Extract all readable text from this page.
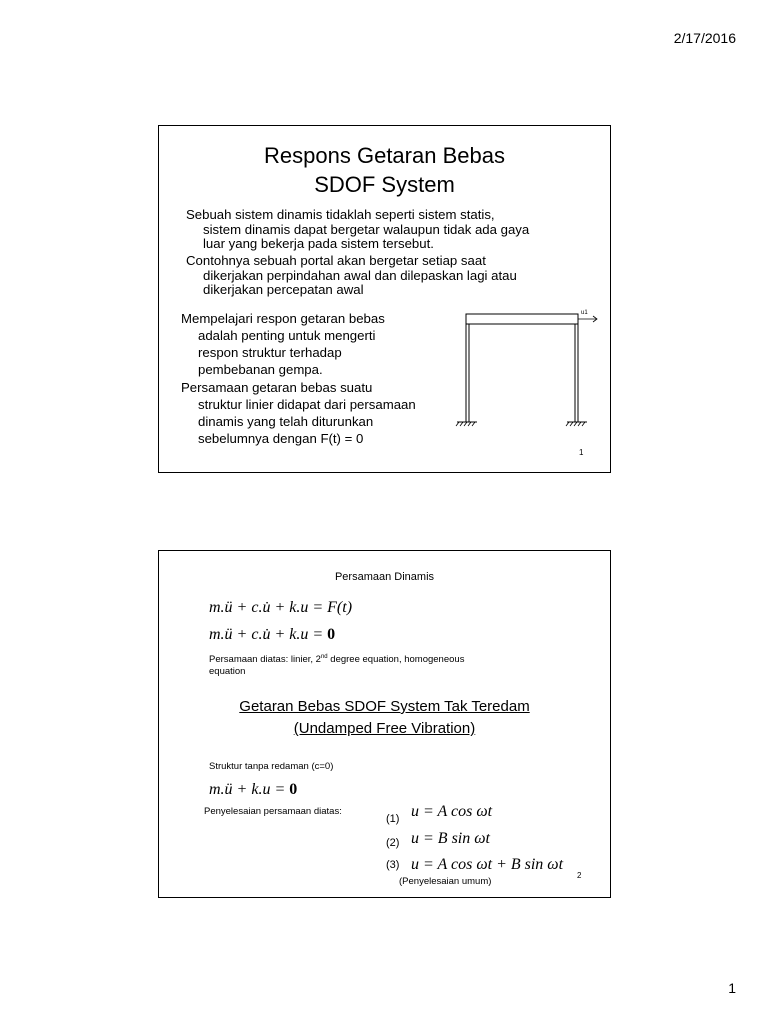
2/17/2016
Respons Getaran Bebas
SDOF System
Sebuah sistem dinamis tidaklah seperti sistem statis,
sistem dinamis dapat bergetar walaupun tidak ada gaya
luar yang bekerja pada sistem tersebut.
Contohnya sebuah portal akan bergetar setiap saat
dikerjakan perpindahan awal dan dilepaskan lagi atau
dikerjakan percepatan awal
Mempelajari respon getaran bebas
adalah penting untuk mengerti
respon struktur terhadap
pembebanan gempa.
Persamaan getaran bebas suatu
struktur linier didapat dari persamaan
dinamis yang telah diturunkan
sebelumnya dengan F(t) = 0
u1
1
Persamaan Dinamis
m.ü + c.u̇ + k.u = F(t)
m.ü + c.u̇ + k.u = 0
Persamaan diatas: linier, 2nd degree equation, homogeneous
equation
Getaran Bebas SDOF System Tak Teredam
(Undamped Free Vibration)
Struktur tanpa redaman (c=0)
m.ü + k.u = 0
Penyelesaian persamaan diatas:
(1) u = A cos ωt
(2) u = B sin ωt
(3) u = A cos ωt + B sin ωt
(Penyelesaian umum)
2
1
